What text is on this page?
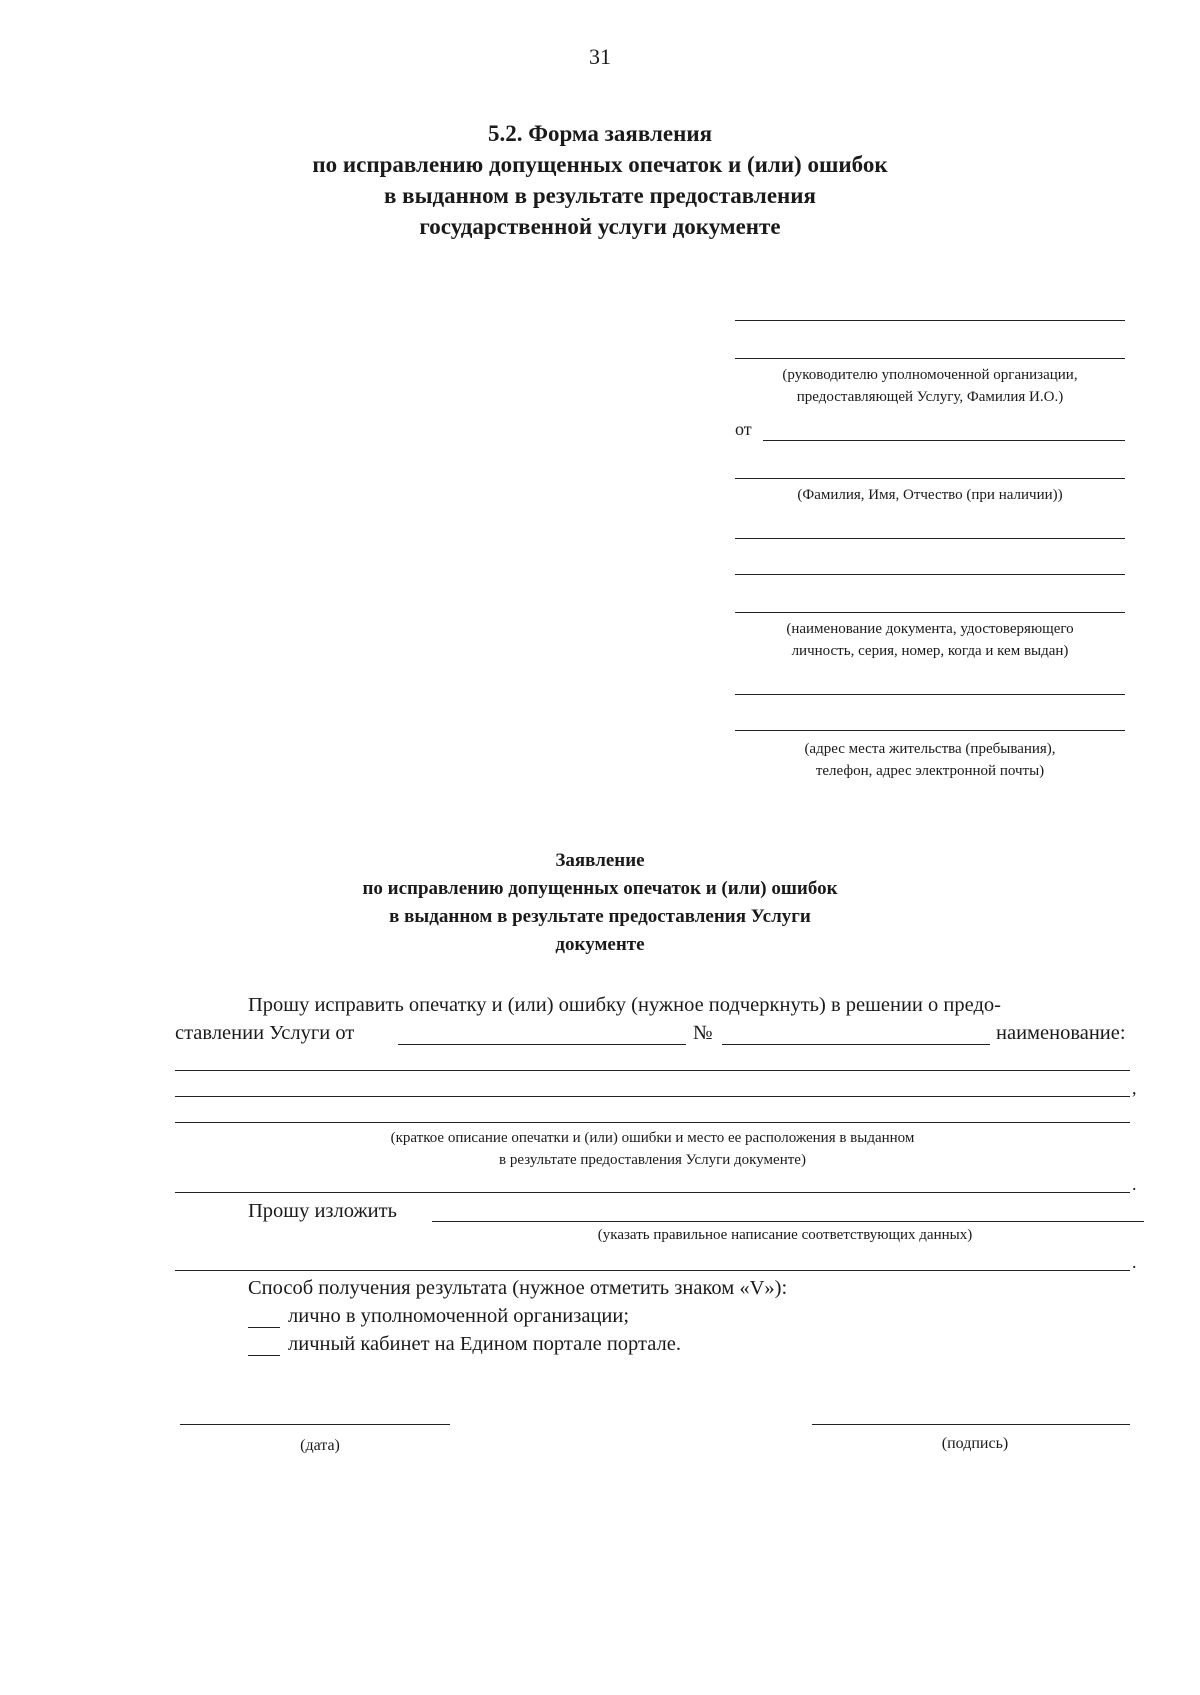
31
5.2. Форма заявления
по исправлению допущенных опечаток и (или) ошибок
в выданном в результате предоставления
государственной услуги документе
(руководителю уполномоченной организации,
предоставляющей Услугу, Фамилия И.О.)
от
(Фамилия, Имя, Отчество (при наличии))
(наименование документа, удостоверяющего
личность, серия, номер, когда и кем выдан)
(адрес места жительства (пребывания),
телефон, адрес электронной почты)
Заявление
по исправлению допущенных опечаток и (или) ошибок
в выданном в результате предоставления Услуги
документе
Прошу исправить опечатку и (или) ошибку (нужное подчеркнуть) в решении о предо-
ставлении Услуги от	№	наименование:
,
(краткое описание опечатки и (или) ошибки и место ее расположения в выданном
в результате предоставления Услуги документе)
.
Прошу изложить
(указать правильное написание соответствующих данных)
.
Способ получения результата (нужное отметить знаком «V»):
лично в уполномоченной организации;
личный кабинет на Едином портале портале.
(дата)	(подпись)
